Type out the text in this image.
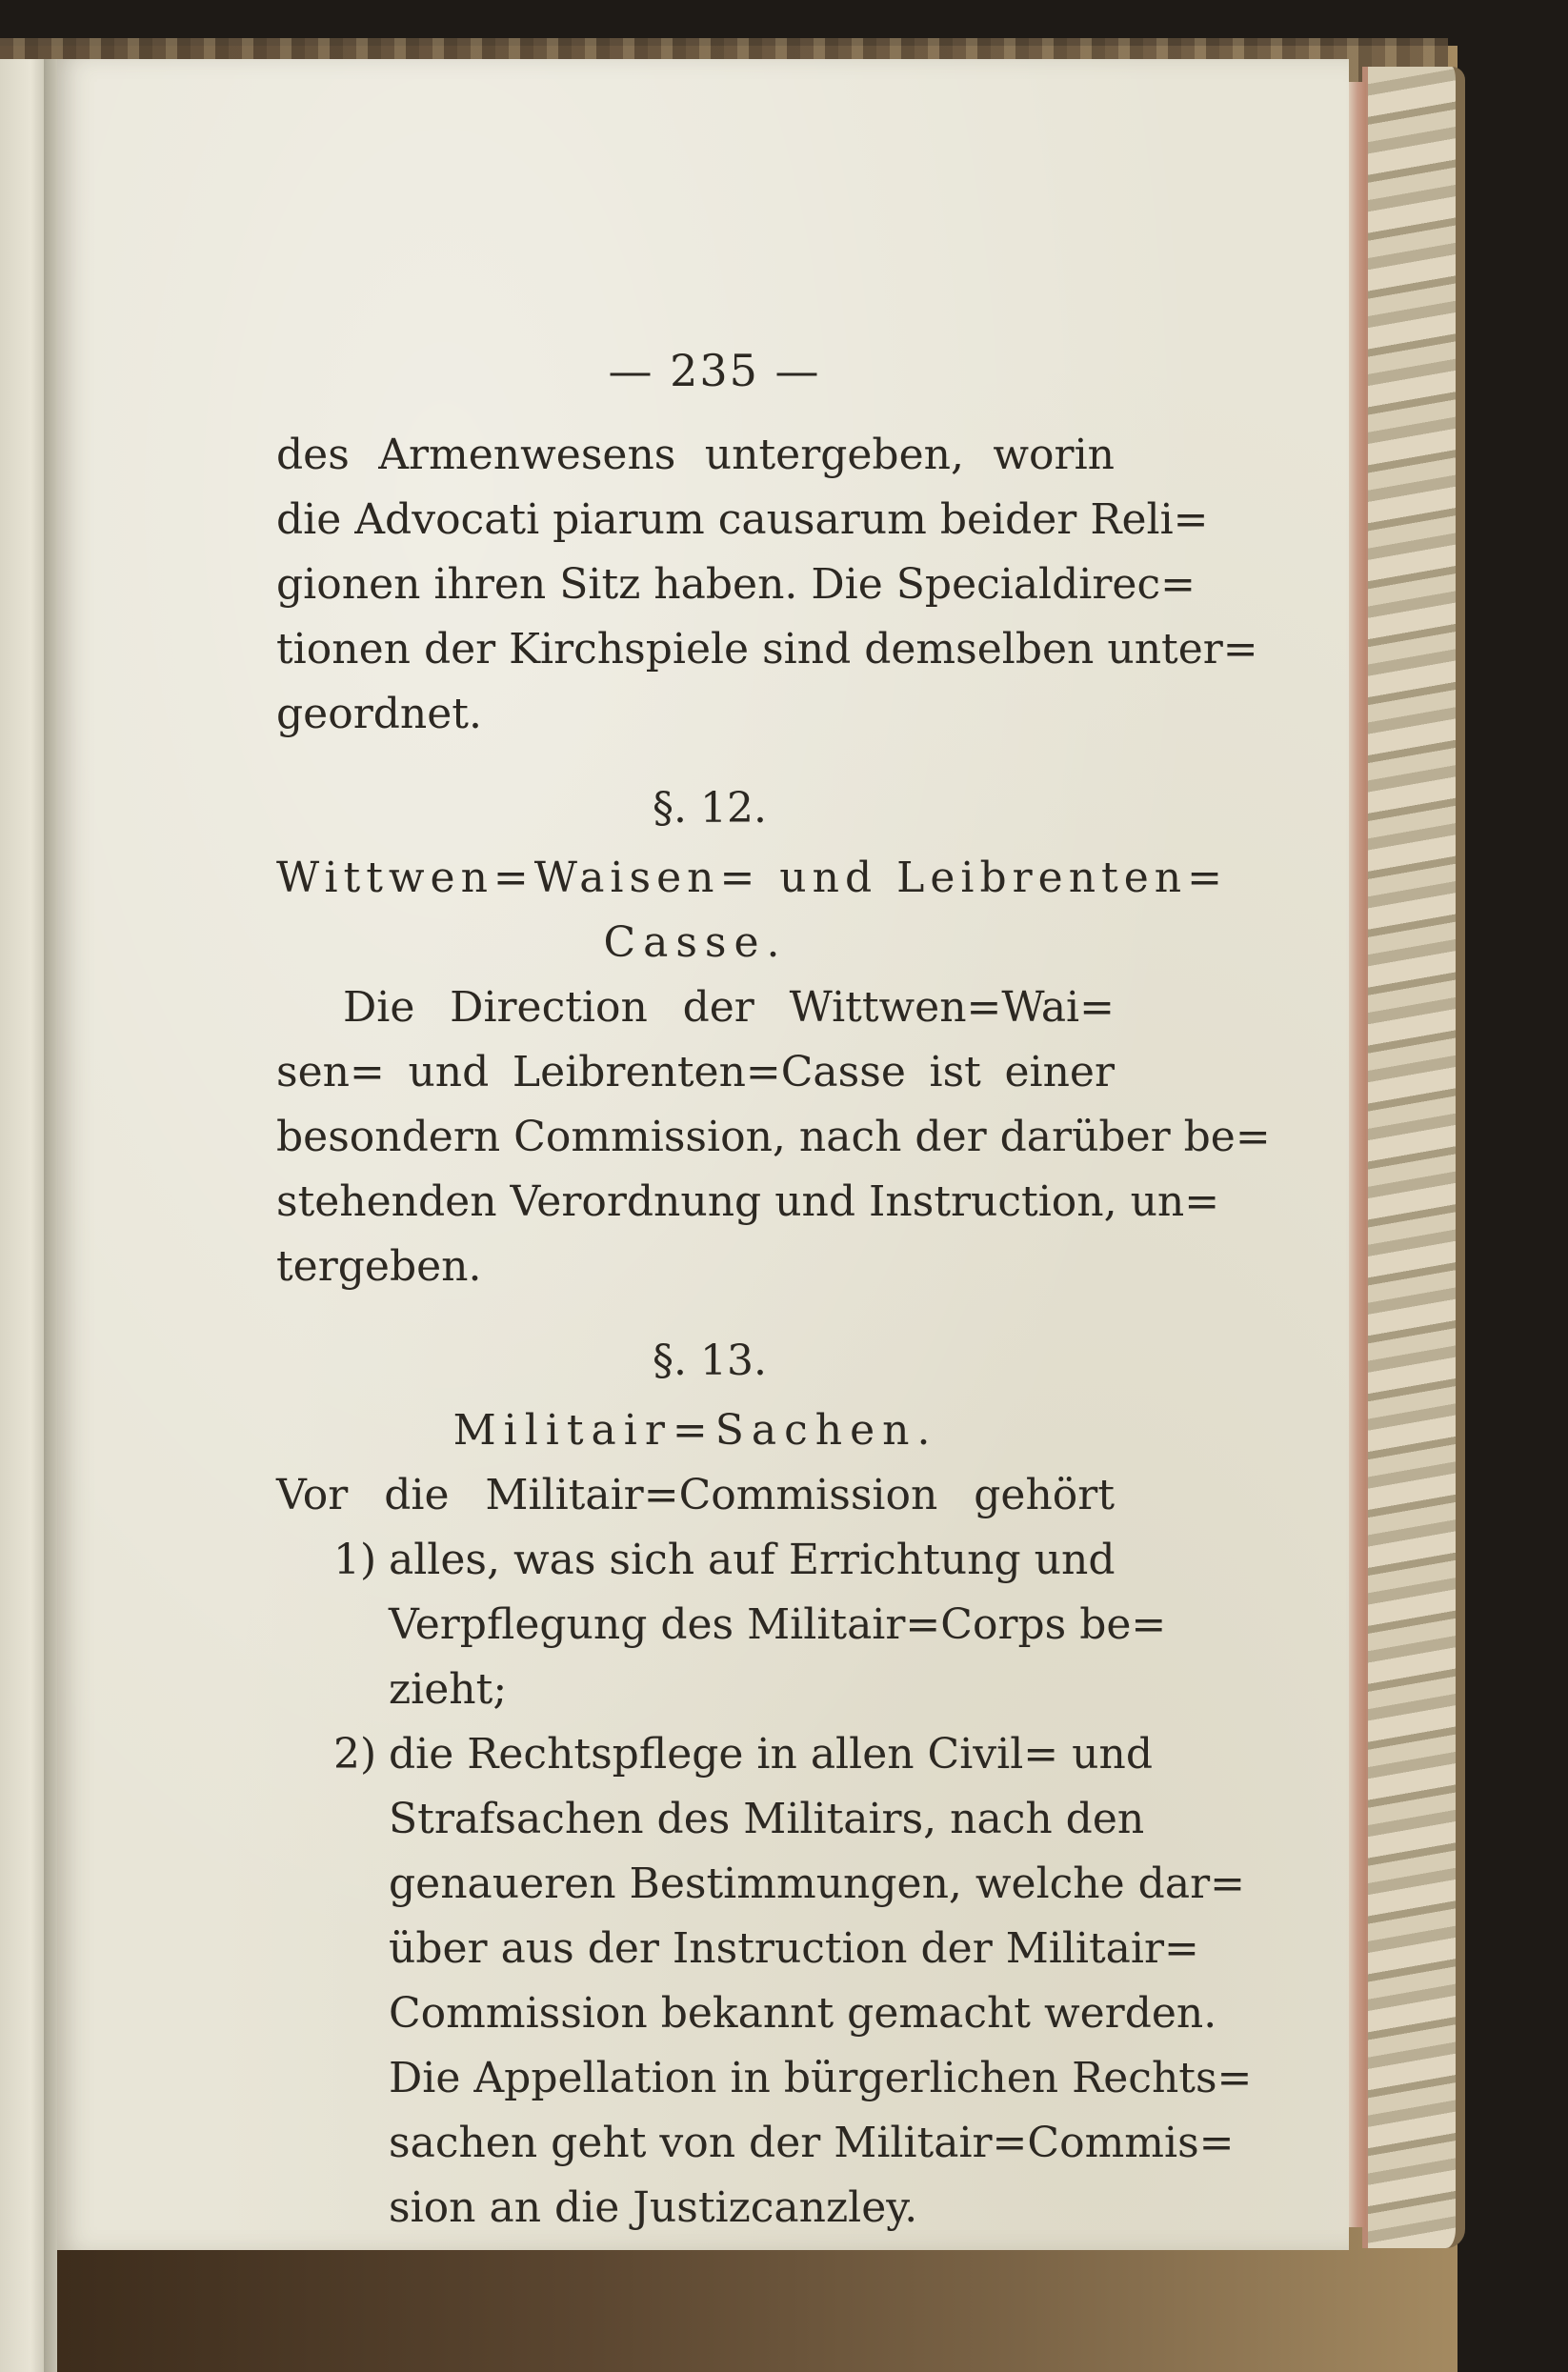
— 235 —
des Armenwesens untergeben, worin
die Advocati piarum causarum beider Reli=
gionen ihren Sitz haben. Die Specialdirec=
tionen der Kirchspiele sind demselben unter=
geordnet.
§. 12.
Wittwen=Waisen= und Leibrenten=
Casse.
Die Direction der Wittwen=Wai=
sen= und Leibrenten=Casse ist einer
besondern Commission, nach der darüber be=
stehenden Verordnung und Instruction, un=
tergeben.
§. 13.
Militair=Sachen.
Vor die Militair=Commission gehört
1) alles, was sich auf Errichtung und
Verpflegung des Militair=Corps be=
zieht;
2) die Rechtspflege in allen Civil= und
Strafsachen des Militairs, nach den
genaueren Bestimmungen, welche dar=
über aus der Instruction der Militair=
Commission bekannt gemacht werden.
Die Appellation in bürgerlichen Rechts=
sachen geht von der Militair=Commis=
sion an die Justizcanzley.
